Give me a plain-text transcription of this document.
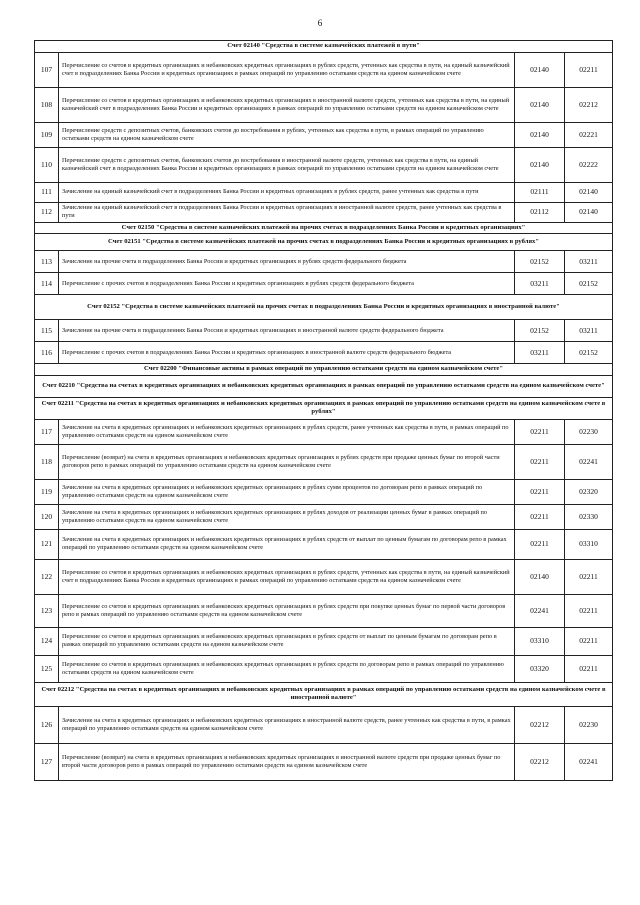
6
Счет 02140 "Средства в системе казначейских платежей в пути"			
107	Перечисление со счетов в кредитных организациях и небанковских кредитных организациях в рублях средств, учтенных как средства в пути, на единый казначейский счет в подразделениях Банка России и кредитных организациях в рамках операций по управлению остатками средств на едином казначейском счете	02140	02211
108	Перечисление со счетов в кредитных организациях и небанковских кредитных организациях в иностранной валюте средств, учтенных как средства в пути, на единый казначейский счет в подразделениях Банка России и кредитных организациях в рамках операций по управлению остатками средств на едином казначейском счете	02140	02212
109	Перечисление средств с депозитных счетов, банковских счетов до востребования в рублях, учтенных как средства в пути, в рамках операций по управлению остатками средств на едином казначейском счете	02140	02221
110	Перечисление средств с депозитных счетов, банковских счетов до востребования в иностранной валюте средств, учтенных как средства в пути, на единый казначейский счет в подразделениях Банка России и кредитных организациях в рамках операций по управлению остатками средств на едином казначейском счете	02140	02222
111	Зачисление на единый казначейский счет в подразделениях Банка России и кредитных организациях в рублях средств, ранее учтенных как средства в пути	02111	02140
112	Зачисление на единый казначейский счет в подразделениях Банка России и кредитных организациях в иностранной валюте средств, ранее учтенных как средства в пути	02112	02140
Счет 02150 "Средства в системе казначейских платежей на прочих счетах в подразделениях Банка России и кредитных организациях"			
Счет 02151 "Средства в системе казначейских платежей на прочих счетах в подразделениях Банка России и кредитных организациях в рублях"			
113	Зачисление на прочие счета в подразделениях Банка России и кредитных организациях в рублях средств федерального бюджета	02152	03211
114	Перечисление с прочих счетов в подразделениях Банка России и кредитных организациях в рублях средств федерального бюджета	03211	02152
Счет 02152 "Средства в системе казначейских платежей на прочих счетах в подразделениях Банка России и кредитных организациях в иностранной валюте"			
115	Зачисление на прочие счета в подразделениях Банка России и кредитных организациях в иностранной валюте средств федерального бюджета	02152	03211
116	Перечисление с прочих счетов в подразделениях Банка России и кредитных организациях в иностранной валюте средств федерального бюджета	03211	02152
Счет 02200 "Финансовые активы в рамках операций по управлению остатками средств на едином казначейском счете"			
Счет 02210 "Средства на счетах в кредитных организациях и небанковских кредитных организациях в рамках операций по управлению остатками средств на едином казначейском счете"			
Счет 02211 "Средства на счетах в кредитных организациях и небанковских кредитных организациях в рамках операций по управлению остатками средств на едином казначейском счете в рублях"			
117	Зачисление на счета в кредитных организациях и небанковских кредитных организациях в рублях средств, ранее учтенных как средства в пути, в рамках операций по управлению остатками средств на едином казначейском счете	02211	02230
118	Перечисление (возврат) на счета в кредитных организациях и небанковских кредитных организациях в рублях средств при продаже ценных бумаг по второй части договоров репо в рамках операций по управлению остатками средств на едином казначейском счете	02211	02241
119	Зачисление на счета в кредитных организациях и небанковских кредитных организациях в рублях сумм процентов по договорам репо в рамках операций по управлению остатками средств на едином казначейском счете	02211	02320
120	Зачисление на счета в кредитных организациях и небанковских кредитных организациях в рублях доходов от реализации ценных бумаг в рамках операций по управлению остатками средств на едином казначейском счете	02211	02330
121	Зачисление на счета в кредитных организациях и небанковских кредитных организациях в рублях средств от выплат по ценным бумагам по договорам репо в рамках операций по управлению остатками средств на едином казначейском счете	02211	03310
122	Перечисление со счетов в кредитных организациях и небанковских кредитных организациях в рублях средств, учтенных как средства в пути, на единый казначейский счет в подразделениях Банка России и кредитных организациях в рамках операций по управлению остатками средств на едином казначейском счете	02140	02211
123	Перечисление со счетов в кредитных организациях и небанковских кредитных организациях в рублях средств при покупке ценных бумаг по первой части договоров репо в рамках операций по управлению остатками средств на едином казначейском счете	02241	02211
124	Перечисление со счетов в кредитных организациях и небанковских кредитных организациях в рублях средств от выплат по ценным бумагам по договорам репо в рамках операций по управлению остатками средств на едином казначейском счете	03310	02211
125	Перечисление со счетов в кредитных организациях и небанковских кредитных организациях в рублях средств по договорам репо в рамках операций по управлению остатками средств на едином казначейском счете	03320	02211
Счет 02212 "Средства на счетах в кредитных организациях и небанковских кредитных организациях в рамках операций по управлению остатками средств на едином казначейском счете в иностранной валюте"			
126	Зачисление на счета в кредитных организациях и небанковских кредитных организациях в иностранной валюте средств, ранее учтенных как средства в пути, в рамках операций по управлению остатками средств на едином казначейском счете	02212	02230
127	Перечисление (возврат) на счета в кредитных организациях и небанковских кредитных организациях в иностранной валюте средств при продаже ценных бумаг по второй части договоров репо в рамках операций по управлению остатками средств на едином казначейском счете	02212	02241
